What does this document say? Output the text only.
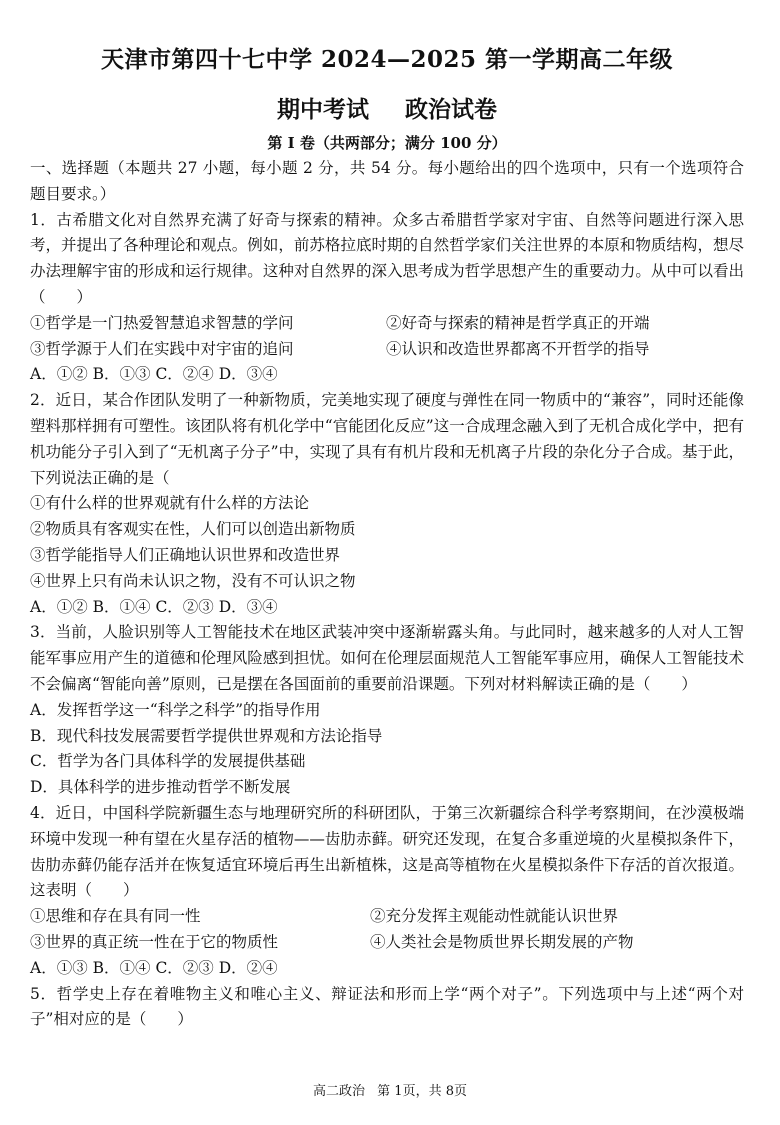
天津市第四十七中学 2024—2025 第一学期高二年级
期中考试 政治试卷
第 I 卷（共两部分；满分 100 分）

一、选择题（本题共 27 小题，每小题 2 分，共 54 分。每小题给出的四个选项中，只有一个选项符合题目要求。）

1．古希腊文化对自然界充满了好奇与探索的精神。众多古希腊哲学家对宇宙、自然等问题进行深入思考，并提出了各种理论和观点。例如，前苏格拉底时期的自然哲学家们关注世界的本原和物质结构，想尽办法理解宇宙的形成和运行规律。这种对自然界的深入思考成为哲学思想产生的重要动力。从中可以看出（　　）

①哲学是一门热爱智慧追求智慧的学问	②好奇与探索的精神是哲学真正的开端
③哲学源于人们在实践中对宇宙的追问	④认识和改造世界都离不开哲学的指导

A．①② B．①③ C．②④ D．③④

2．近日，某合作团队发明了一种新物质，完美地实现了硬度与弹性在同一物质中的“兼容”，同时还能像塑料那样拥有可塑性。该团队将有机化学中“官能团化反应”这一合成理念融入到了无机合成化学中，把有机功能分子引入到了“无机离子分子”中，实现了具有有机片段和无机离子片段的杂化分子合成。基于此，下列说法正确的是（

①有什么样的世界观就有什么样的方法论

②物质具有客观实在性，人们可以创造出新物质

③哲学能指导人们正确地认识世界和改造世界

④世界上只有尚未认识之物，没有不可认识之物

A．①② B．①④ C．②③ D．③④

3．当前，人脸识别等人工智能技术在地区武装冲突中逐渐崭露头角。与此同时，越来越多的人对人工智能军事应用产生的道德和伦理风险感到担忧。如何在伦理层面规范人工智能军事应用，确保人工智能技术不会偏离“智能向善”原则，已是摆在各国面前的重要前沿课题。下列对材料解读正确的是（　　）

A．发挥哲学这一“科学之科学”的指导作用

B．现代科技发展需要哲学提供世界观和方法论指导

C．哲学为各门具体科学的发展提供基础

D．具体科学的进步推动哲学不断发展

4．近日，中国科学院新疆生态与地理研究所的科研团队，于第三次新疆综合科学考察期间，在沙漠极端环境中发现一种有望在火星存活的植物——齿肋赤藓。研究还发现，在复合多重逆境的火星模拟条件下，齿肋赤藓仍能存活并在恢复适宜环境后再生出新植株，这是高等植物在火星模拟条件下存活的首次报道。这表明（　　）

①思维和存在具有同一性	②充分发挥主观能动性就能认识世界
③世界的真正统一性在于它的物质性	④人类社会是物质世界长期发展的产物

A．①③ B．①④ C．②③ D．②④

5．哲学史上存在着唯物主义和唯心主义、辩证法和形而上学“两个对子”。下列选项中与上述“两个对子”相对应的是（　　）

高二政治 第 1页，共 8页
